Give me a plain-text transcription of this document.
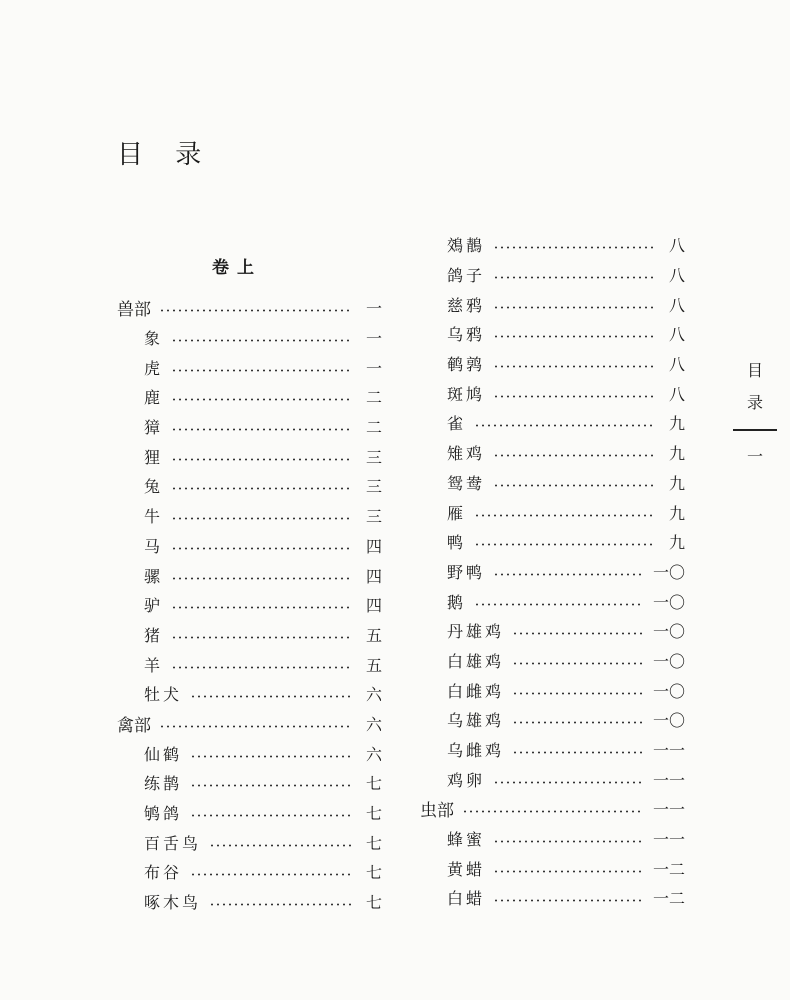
目 录
卷上
兽部	一
象	一
虎	一
鹿	二
獐	二
狸	三
兔	三
牛	三
马	四
骡	四
驴	四
猪	五
羊	五
牡犬	六
禽部	六
仙鹤	六
练鹊	七
鸲鸽	七
百舌鸟	七
布谷	七
啄木鸟	七
鵁鶄	八
鸽子	八
慈鸦	八
乌鸦	八
鹌鹑	八
斑鸠	八
雀	九
雉鸡	九
鸳鸯	九
雁	九
鸭	九
野鸭	一〇
鹅	一〇
丹雄鸡	一〇
白雄鸡	一〇
白雌鸡	一〇
乌雄鸡	一〇
乌雌鸡	一一
鸡卵	一一
虫部	一一
蜂蜜	一一
黄蜡	一二
白蜡	一二
目
录
一
